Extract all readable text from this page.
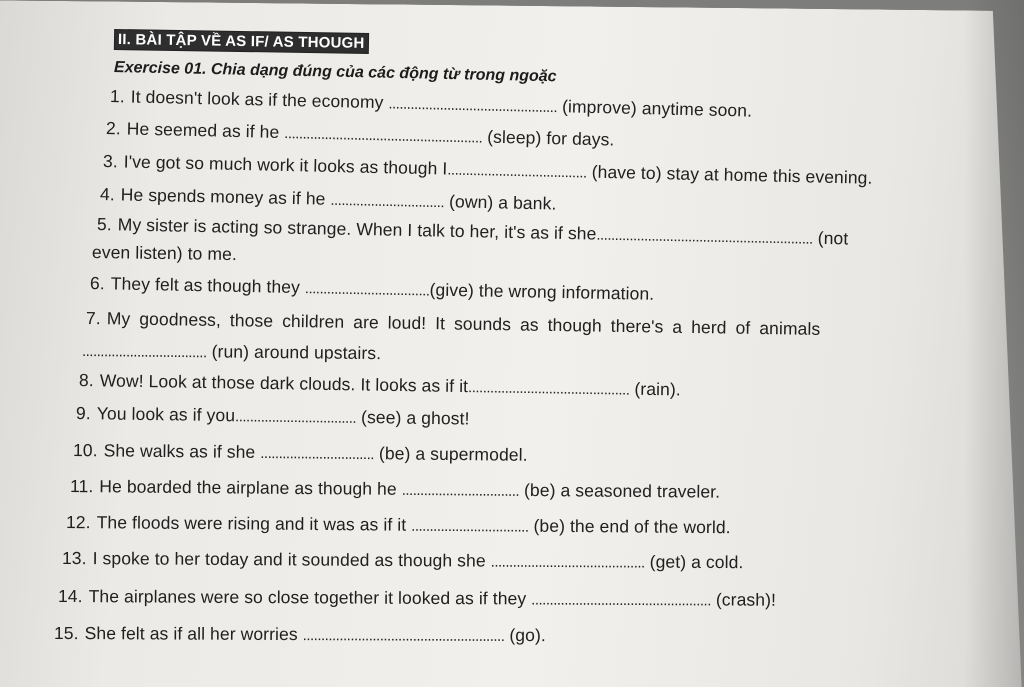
II. BÀI TẬP VỀ AS IF/ AS THOUGH
Exercise 01. Chia dạng đúng của các động từ trong ngoặc
1. It doesn't look as if the economy .............................................. (improve) anytime soon.
2. He seemed as if he ...................................................... (sleep) for days.
3. I've got so much work it looks as though I...................................... (have to) stay at home this evening.
4. He spends money as if he ............................... (own) a bank.
5. My sister is acting so strange. When I talk to her, it's as if she........................................................... (not
even listen) to me.
6. They felt as though they ..................................(give) the wrong information.
7. My goodness, those children are loud! It sounds as though there's a herd of animals
.................................. (run) around upstairs.
8. Wow! Look at those dark clouds. It looks as if it............................................ (rain).
9. You look as if you................................. (see) a ghost!
10. She walks as if she ............................... (be) a supermodel.
11. He boarded the airplane as though he ................................ (be) a seasoned traveler.
12. The floods were rising and it was as if it ................................ (be) the end of the world.
13. I spoke to her today and it sounded as though she .......................................... (get) a cold.
14. The airplanes were so close together it looked as if they ................................................. (crash)!
15. She felt as if all her worries ....................................................... (go).
